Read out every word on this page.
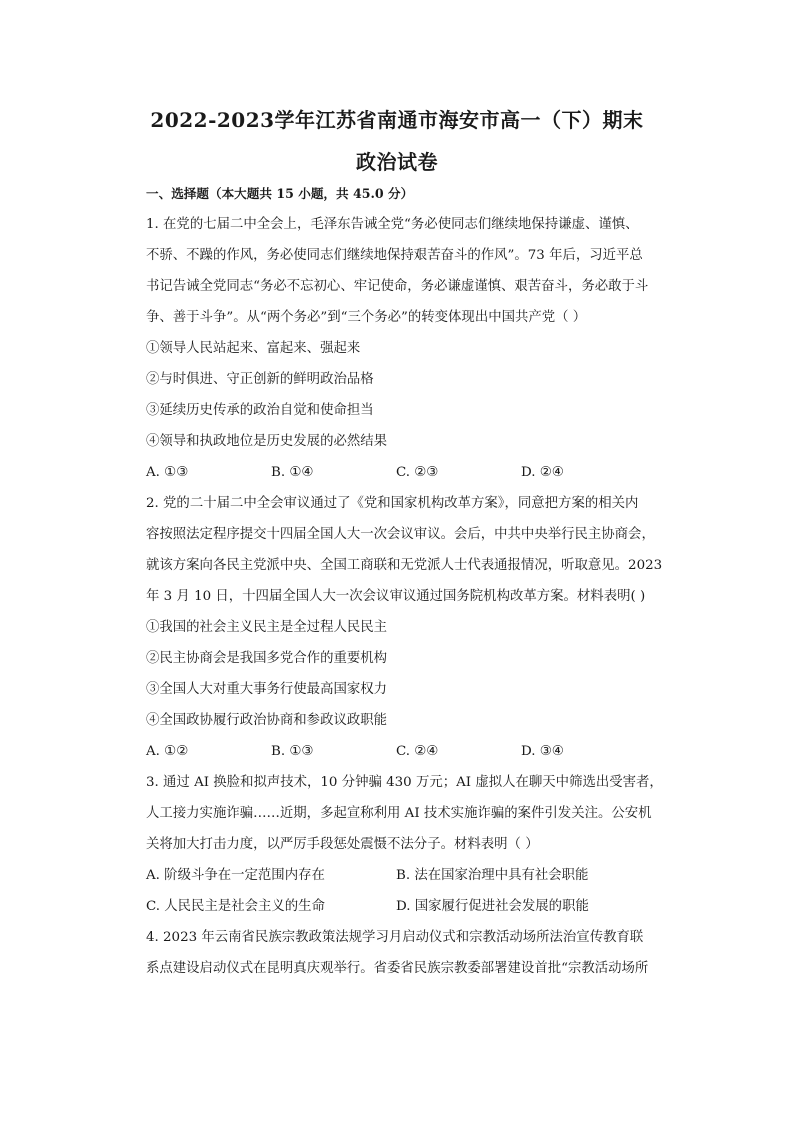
2022-2023学年江苏省南通市海安市高一（下）期末
政治试卷
一、选择题（本大题共 15 小题，共 45.0 分）
1. 在党的七届二中全会上，毛泽东告诫全党“务必使同志们继续地保持谦虚、谨慎、
不骄、不躁的作风，务必使同志们继续地保持艰苦奋斗的作风”。73 年后，习近平总
书记告诫全党同志“务必不忘初心、牢记使命，务必谦虚谨慎、艰苦奋斗，务必敢于斗
争、善于斗争”。从“两个务必”到“三个务必”的转变体现出中国共产党（ ）
①领导人民站起来、富起来、强起来
②与时俱进、守正创新的鲜明政治品格
③延续历史传承的政治自觉和使命担当
④领导和执政地位是历史发展的必然结果
A. ①③	B. ①④	C. ②③	D. ②④
2. 党的二十届二中全会审议通过了《党和国家机构改革方案》，同意把方案的相关内
容按照法定程序提交十四届全国人大一次会议审议。会后，中共中央举行民主协商会，
就该方案向各民主党派中央、全国工商联和无党派人士代表通报情况，听取意见。2023
年 3 月 10 日，十四届全国人大一次会议审议通过国务院机构改革方案。材料表明( )
①我国的社会主义民主是全过程人民民主
②民主协商会是我国多党合作的重要机构
③全国人大对重大事务行使最高国家权力
④全国政协履行政治协商和参政议政职能
A. ①②	B. ①③	C. ②④	D. ③④
3. 通过 AI 换脸和拟声技术，10 分钟骗 430 万元；AI 虚拟人在聊天中筛选出受害者，
人工接力实施诈骗……近期，多起宣称利用 AI 技术实施诈骗的案件引发关注。公安机
关将加大打击力度，以严厉手段惩处震慑不法分子。材料表明（ ）
A. 阶级斗争在一定范围内存在	B. 法在国家治理中具有社会职能
C. 人民民主是社会主义的生命	D. 国家履行促进社会发展的职能
4. 2023 年云南省民族宗教政策法规学习月启动仪式和宗教活动场所法治宣传教育联
系点建设启动仪式在昆明真庆观举行。省委省民族宗教委部署建设首批“宗教活动场所
